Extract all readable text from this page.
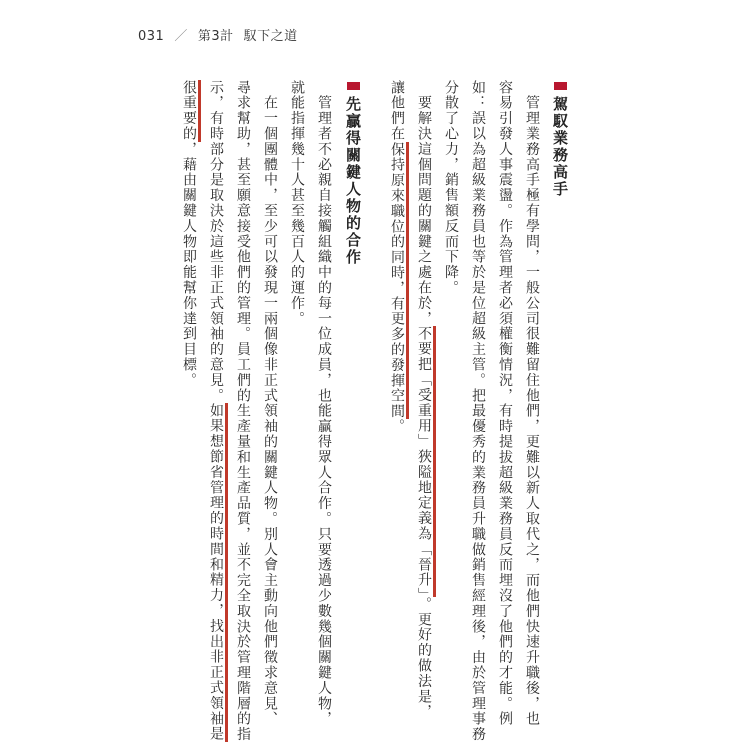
031 ／ 第3計 馭下之道
駕馭業務高手
　管理業務高手極有學問，一般公司很難留住他們，更難以新人取代之，而他們快速升職後，也
容易引發人事震盪。作為管理者必須權衡情況，有時提拔超級業務員反而埋沒了他們的才能。例
如：誤以為超級業務員也等於是位超級主管。把最優秀的業務員升職做銷售經理後，由於管理事務
分散了心力，銷售額反而下降。
　要解決這個問題的關鍵之處在於，不要把「受重用」狹隘地定義為「晉升」。更好的做法是，
讓他們在保持原來職位的同時，有更多的發揮空間。
先贏得關鍵人物的合作
　管理者不必親自接觸組織中的每一位成員，也能贏得眾人合作。只要透過少數幾個關鍵人物，
就能指揮幾十人甚至幾百人的運作。
　在一個團體中，至少可以發現一兩個像非正式領袖的關鍵人物。別人會主動向他們徵求意見、
尋求幫助，甚至願意接受他們的管理。員工們的生產量和生產品質，並不完全取決於管理階層的指
示，有時部分是取決於這些非正式領袖的意見。如果想節省管理的時間和精力，找出非正式領袖是
很重要的，藉由關鍵人物即能幫你達到目標。
